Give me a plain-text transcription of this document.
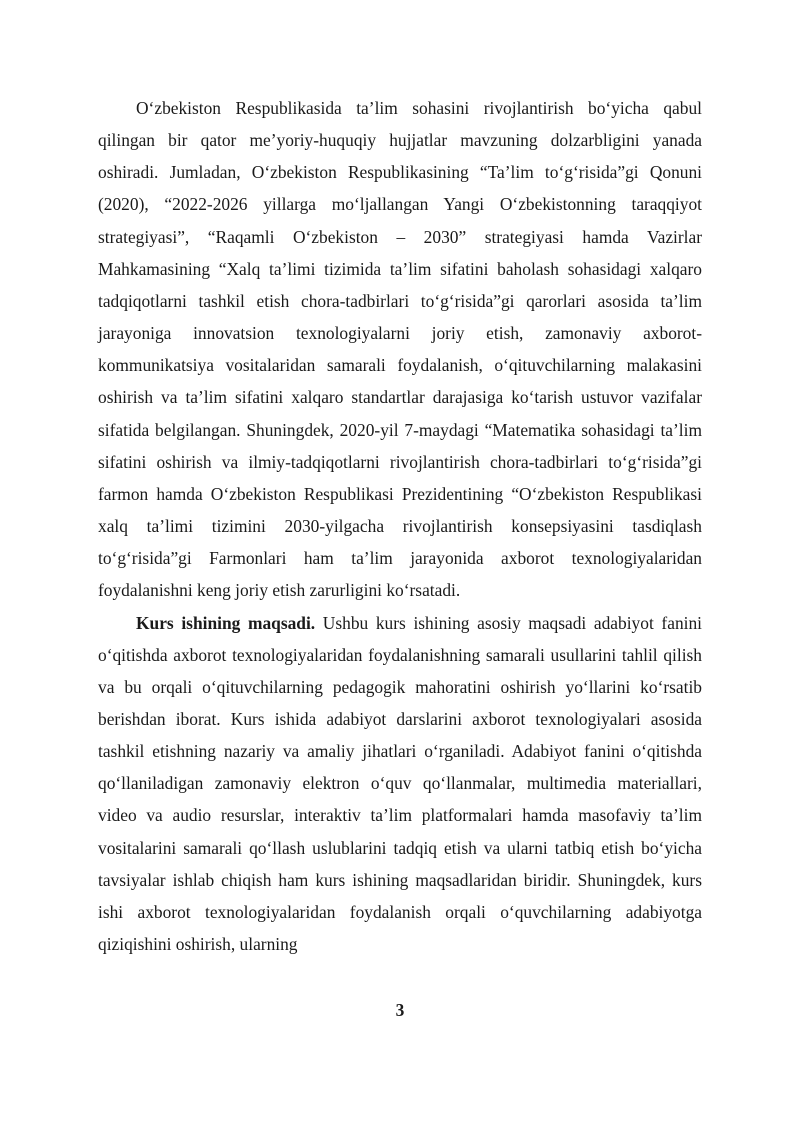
O‘zbekiston Respublikasida ta’lim sohasini rivojlantirish bo‘yicha qabul qilingan bir qator me’yoriy-huquqiy hujjatlar mavzuning dolzarbligini yanada oshiradi. Jumladan, O‘zbekiston Respublikasining “Ta’lim to‘g‘risida”gi Qonuni (2020), “2022-2026 yillarga mo‘ljallangan Yangi O‘zbekistonning taraqqiyot strategiyasi”, “Raqamli O‘zbekiston – 2030” strategiyasi hamda Vazirlar Mahkamasining “Xalq ta’limi tizimida ta’lim sifatini baholash sohasidagi xalqaro tadqiqotlarni tashkil etish chora-tadbirlari to‘g‘risida”gi qarorlari asosida ta’lim jarayoniga innovatsion texnologiyalarni joriy etish, zamonaviy axborot-kommunikatsiya vositalaridan samarali foydalanish, o‘qituvchilarning malakasini oshirish va ta’lim sifatini xalqaro standartlar darajasiga ko‘tarish ustuvor vazifalar sifatida belgilangan. Shuningdek, 2020-yil 7-maydagi “Matematika sohasidagi ta’lim sifatini oshirish va ilmiy-tadqiqotlarni rivojlantirish chora-tadbirlari to‘g‘risida”gi farmon hamda O‘zbekiston Respublikasi Prezidentining “O‘zbekiston Respublikasi xalq ta’limi tizimini 2030-yilgacha rivojlantirish konsepsiyasini tasdiqlash to‘g‘risida”gi Farmonlari ham ta’lim jarayonida axborot texnologiyalaridan foydalanishni keng joriy etish zarurligini ko‘rsatadi.

Kurs ishining maqsadi. Ushbu kurs ishining asosiy maqsadi adabiyot fanini o‘qitishda axborot texnologiyalaridan foydalanishning samarali usullarini tahlil qilish va bu orqali o‘qituvchilarning pedagogik mahoratini oshirish yo‘llarini ko‘rsatib berishdan iborat. Kurs ishida adabiyot darslarini axborot texnologiyalari asosida tashkil etishning nazariy va amaliy jihatlari o‘rganiladi. Adabiyot fanini o‘qitishda qo‘llaniladigan zamonaviy elektron o‘quv qo‘llanmalar, multimedia materiallari, video va audio resurslar, interaktiv ta’lim platformalari hamda masofaviy ta’lim vositalarini samarali qo‘llash uslublarini tadqiq etish va ularni tatbiq etish bo‘yicha tavsiyalar ishlab chiqish ham kurs ishining maqsadlaridan biridir. Shuningdek, kurs ishi axborot texnologiyalaridan foydalanish orqali o‘quvchilarning adabiyotga qiziqishini oshirish, ularning

3
